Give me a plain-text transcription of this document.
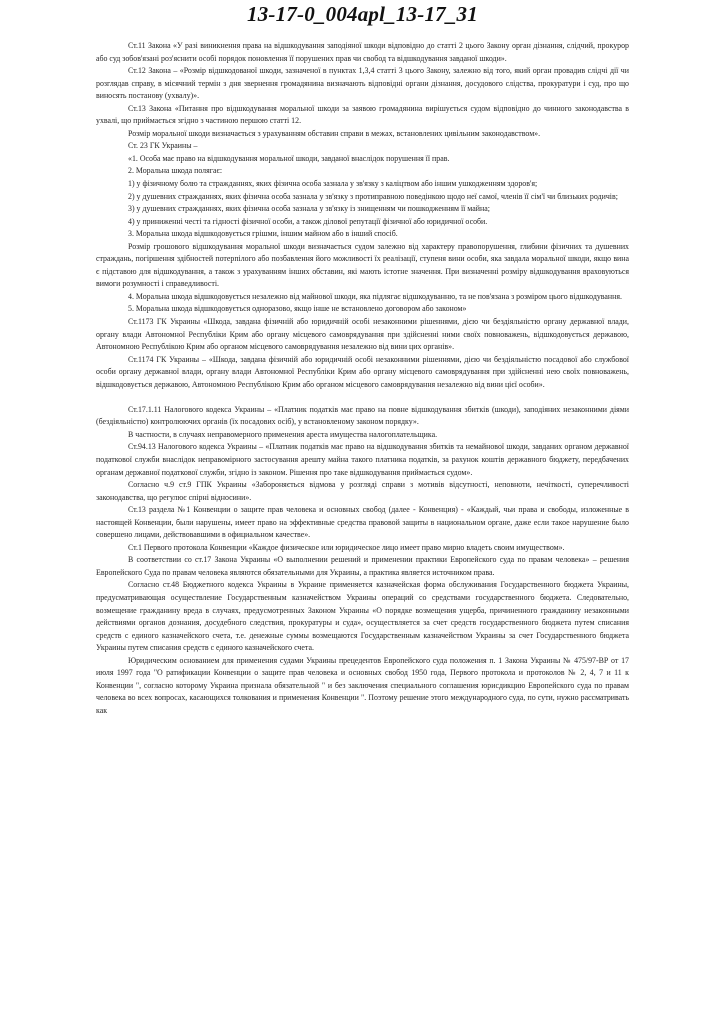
13-17-0_004apl_13-17_31

Ст.11 Закона «У разі виникнення права на відшкодування заподіяної шкоди відповідно до статті 2 цього Закону орган дізнання, слідчий, прокурор або суд зобов'язані роз'яснити особі порядок поновлення її порушених прав чи свобод та відшкодування завданої шкоди».

Ст.12 Закона – «Розмір відшкодованої шкоди, зазначеної в пунктах 1,3,4 статті 3 цього Закону, залежно від того, який орган провадив слідчі дії чи розглядав справу, в місячний термін з дня звернення громадянина визначають відповідні органи дізнання, досудового слідства, прокуратури і суд, про що виносять постанову (ухвалу)».

Ст.13 Закона «Питання про відшкодування моральної шкоди за заявою громадянина вирішується судом відповідно до чинного законодавства в ухвалі, що приймається згідно з частиною першою статті 12.

Розмір моральної шкоди визначається з урахуванням обставин справи в межах, встановлених цивільним законодавством».

Ст. 23 ГК Украины –

«1. Особа має право на відшкодування моральної шкоди, завданої внаслідок порушення її прав.

2. Моральна шкода полягає:

1) у фізичному болю та стражданнях, яких фізична особа зазнала у зв'язку з каліцтвом або іншим ушкодженням здоров'я;

2) у душевних стражданнях, яких фізична особа зазнала у зв'язку з протиправною поведінкою щодо неї самої, членів її сім'ї чи близьких родичів;

3) у душевних стражданнях, яких фізична особа зазнала у зв'язку із знищенням чи пошкодженням її майна;

4) у приниженні честі та гідності фізичної особи, а також ділової репутації фізичної або юридичної особи.

3. Моральна шкода відшкодовується грішми, іншим майном або в інший спосіб.

Розмір грошового відшкодування моральної шкоди визначається судом залежно від характеру правопорушення, глибини фізичних та душевних страждань, погіршення здібностей потерпілого або позбавлення його можливості їх реалізації, ступеня вини особи, яка завдала моральної шкоди, якщо вина є підставою для відшкодування, а також з урахуванням інших обставин, які мають істотне значення. При визначенні розміру відшкодування враховуються вимоги розумності і справедливості.

4. Моральна шкода відшкодовується незалежно від майнової шкоди, яка підлягає відшкодуванню, та не пов'язана з розміром цього відшкодування.

5. Моральна шкода відшкодовується одноразово, якщо інше не встановлено договором або законом»

Ст.1173 ГК Украины «Шкода, завдана фізичній або юридичній особі незаконними рішеннями, дією чи бездіяльністю органу державної влади, органу влади Автономної Республіки Крим або органу місцевого самоврядування при здійсненні ними своїх повноважень, відшкодовується державою, Автономною Республікою Крим або органом місцевого самоврядування незалежно від вини цих органів».

Ст.1174 ГК Украины – «Шкода, завдана фізичній або юридичній особі незаконними рішеннями, дією чи бездіяльністю посадової або службової особи органу державної влади, органу влади Автономної Республіки Крим або органу місцевого самоврядування при здійсненні нею своїх повноважень, відшкодовується державою, Автономною Республікою Крим або органом місцевого самоврядування незалежно від вини цієї особи».

Ст.17.1.11 Налогового кодекса Украины – «Платник податків має право на повне відшкодування збитків (шкоди), заподіяних незаконними діями (бездіяльністю) контролюючих органів (їх посадових осіб), у встановленому законом порядку».

В частности, в случаях неправомерного применения ареста имущества налогоплательщика.

Ст.94.13 Налогового кодекса Украины – «Платник податків має право на відшкодування збитків та немайнової шкоди, завданих органом державної податкової служби внаслідок неправомірного застосування арешту майна такого платника податків, за рахунок коштів державного бюджету, передбачених органам державної податкової служби, згідно із законом. Рішення про таке відшкодування приймається судом».

Согласно ч.9 ст.9 ГПК Украины «Забороняється відмова у розгляді справи з мотивів відсутності, неповноти, нечіткості, суперечливості законодавства, що регулює спірні відносини».

Ст.13 раздела №1 Конвенции о защите прав человека и основных свобод (далее - Конвенция) - «Каждый, чьи права и свободы, изложенные в настоящей Конвенции, были нарушены, имеет право на эффективные средства правовой защиты в национальном органе, даже если такое нарушение было совершено лицами, действовавшими в официальном качестве».

Ст.1 Первого протокола Конвенции «Каждое физическое или юридическое лицо имеет право мирно владеть своим имуществом».

В соответствии со ст.17 Закона Украины «О выполнении решений и применении практики Европейского суда по правам человека» – решения Европейского Суда по правам человека являются обязательными для Украины, а практика является источником права.

Согласно ст.48 Бюджетного кодекса Украины в Украине применяется казначейская форма обслуживания Государственного бюджета Украины, предусматривающая осуществление Государственным казначейством Украины операций со средствами государственного бюджета. Следовательно, возмещение гражданину вреда в случаях, предусмотренных Законом Украины «О порядке возмещения ущерба, причиненного гражданину незаконными действиями органов дознания, досудебного следствия, прокуратуры и суда», осуществляется за счет средств государственного бюджета путем списания средств с единого казначейского счета, т.е. денежные суммы возмещаются Государственным казначейством Украины за счет Государственного бюджета Украины путем списания средств с единого казначейского счета.

Юридическим основанием для применения судами Украины прецедентов Европейского суда положения п. 1 Закона Украины № 475/97-ВР от 17 июля 1997 года "О ратификации Конвенции о защите прав человека и основных свобод 1950 года, Первого протокола и протоколов № 2, 4, 7 и 11 к Конвенции ", согласно которому Украина признала обязательной " и без заключения специального соглашения юрисдикцию Европейского суда по правам человека во всех вопросах, касающихся толкования и применения Конвенции ". Поэтому решение этого международного суда, по сути, нужно рассматривать как
